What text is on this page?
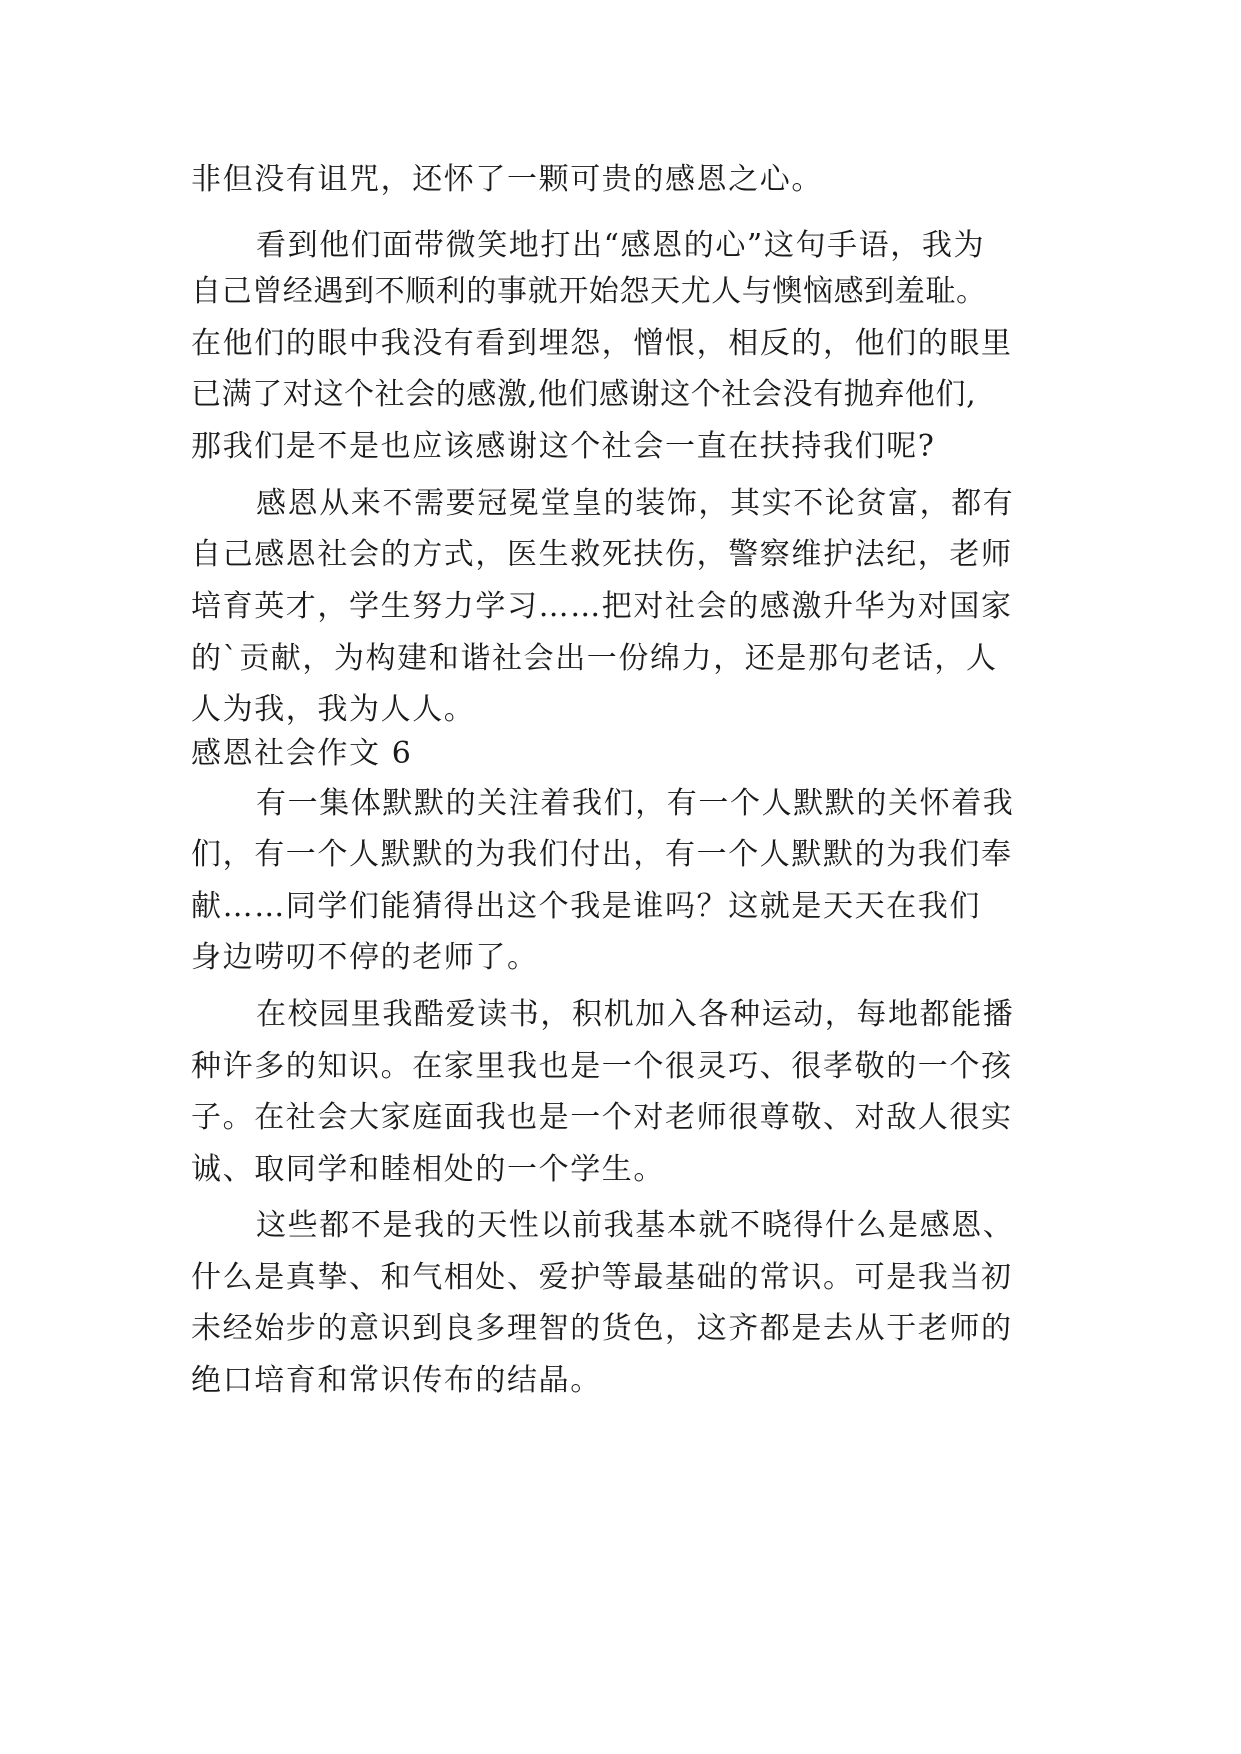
非但没有诅咒，还怀了一颗可贵的感恩之心。
看到他们面带微笑地打出“感恩的心”这句手语，我为
自己曾经遇到不顺利的事就开始怨天尤人与懊恼感到羞耻。
在他们的眼中我没有看到埋怨，憎恨，相反的，他们的眼里
已满了对这个社会的感激,他们感谢这个社会没有抛弃他们,
那我们是不是也应该感谢这个社会一直在扶持我们呢?
感恩从来不需要冠冕堂皇的装饰，其实不论贫富，都有
自己感恩社会的方式，医生救死扶伤，警察维护法纪，老师
培育英才，学生努力学习……把对社会的感激升华为对国家
的`贡献，为构建和谐社会出一份绵力，还是那句老话，人
人为我，我为人人。
感恩社会作文 6
有一集体默默的关注着我们，有一个人默默的关怀着我
们，有一个人默默的为我们付出，有一个人默默的为我们奉
献……同学们能猜得出这个我是谁吗？这就是天天在我们
身边唠叨不停的老师了。
在校园里我酷爱读书，积机加入各种运动，每地都能播
种许多的知识。在家里我也是一个很灵巧、很孝敬的一个孩
子。在社会大家庭面我也是一个对老师很尊敬、对敌人很实
诚、取同学和睦相处的一个学生。
这些都不是我的天性以前我基本就不晓得什么是感恩、
什么是真挚、和气相处、爱护等最基础的常识。可是我当初
未经始步的意识到良多理智的货色，这齐都是去从于老师的
绝口培育和常识传布的结晶。
